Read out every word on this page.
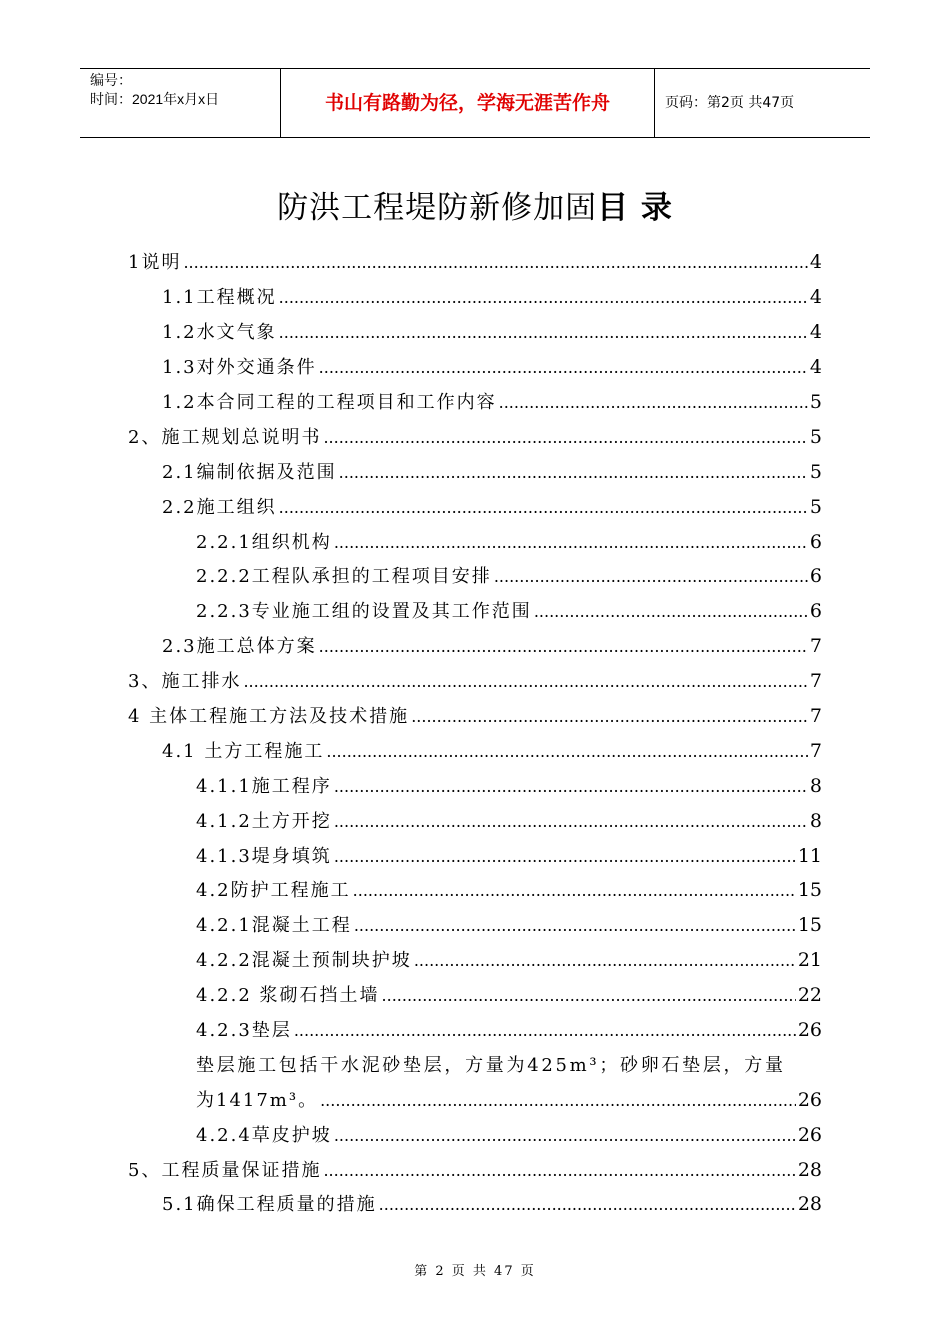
编号：
时间：2021年x月x日	书山有路勤为径，学海无涯苦作舟	页码：第2页 共47页
防洪工程堤防新修加固目 录
1说明 .....	4
1.1工程概况 .....	4
1.2水文气象 .....	4
1.3对外交通条件 .....	4
1.2本合同工程的工程项目和工作内容 .....	5
2、施工规划总说明书 .....	5
2.1编制依据及范围 .....	5
2.2施工组织 .....	5
2.2.1组织机构 .....	6
2.2.2工程队承担的工程项目安排 .....	6
2.2.3专业施工组的设置及其工作范围 .....	6
2.3施工总体方案 .....	7
3、施工排水 .....	7
4 主体工程施工方法及技术措施 .....	7
4.1 土方工程施工 .....	7
4.1.1施工程序 .....	8
4.1.2土方开挖 .....	8
4.1.3堤身填筑 .....	11
4.2防护工程施工 .....	15
4.2.1混凝土工程 .....	15
4.2.2混凝土预制块护坡 .....	21
4.2.2 浆砌石挡土墙 .....	22
4.2.3垫层 .....	26
垫层施工包括干水泥砂垫层，方量为425m³；砂卵石垫层，方量
为1417m³。 .....	26
4.2.4草皮护坡 .....	26
5、工程质量保证措施 .....	28
5.1确保工程质量的措施 .....	28
第 2 页 共 47 页
